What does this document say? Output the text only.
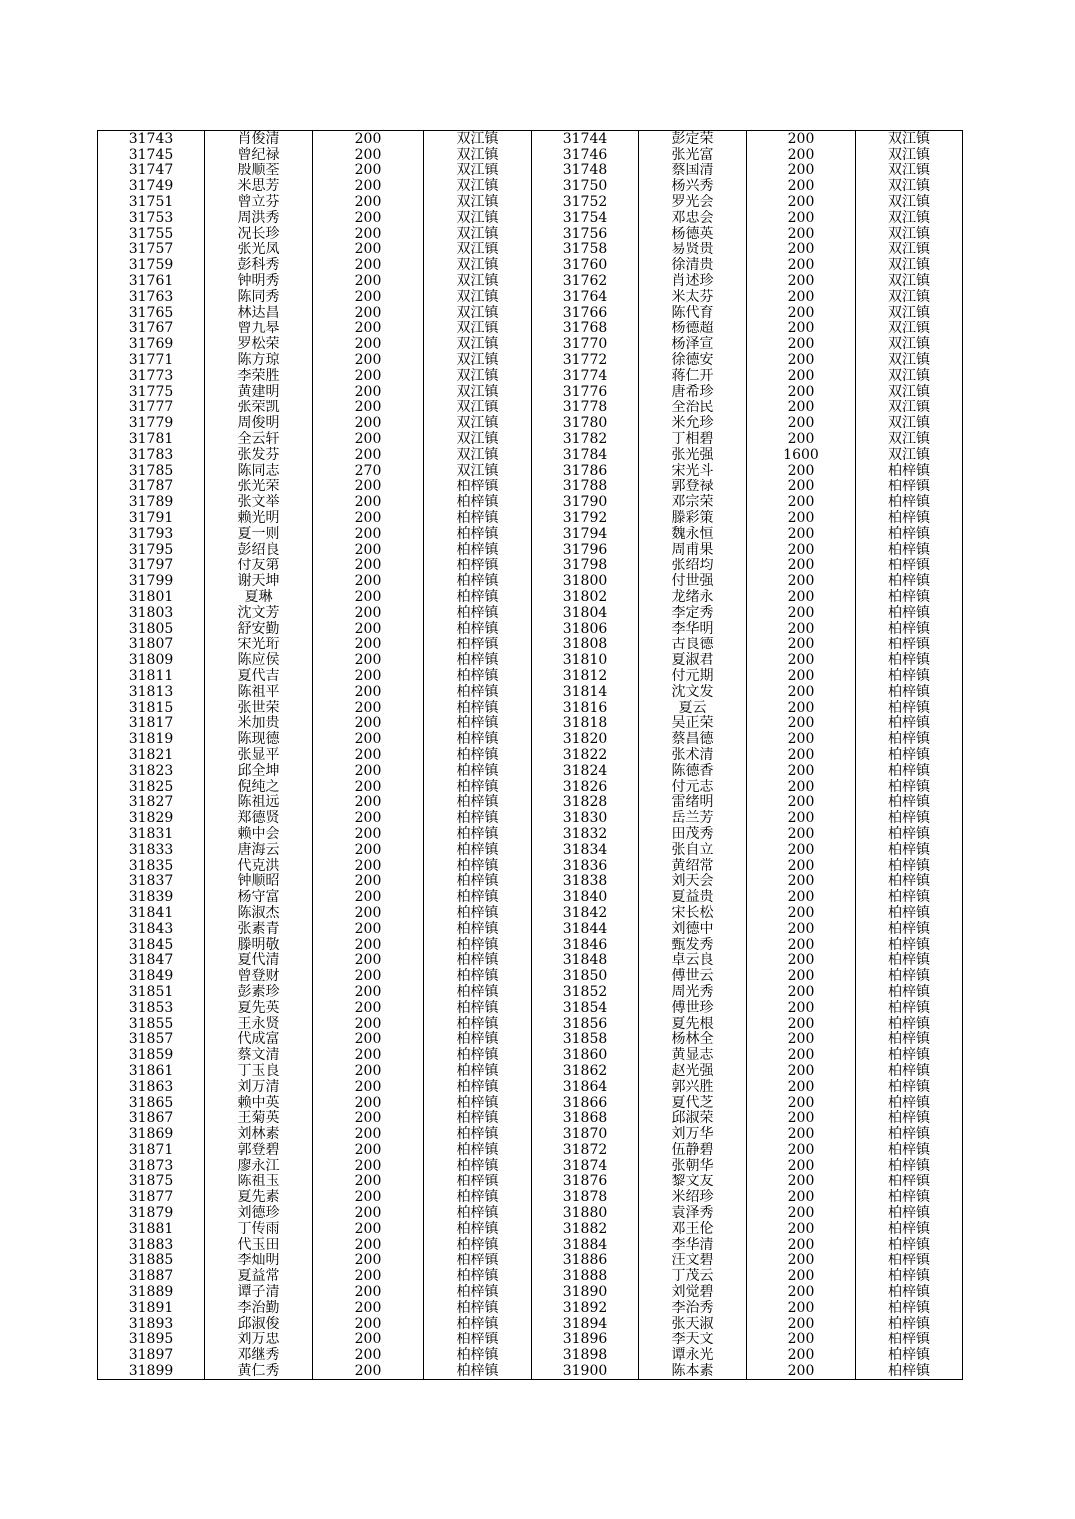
31743	肖俊清	200	双江镇	31744	彭定荣	200	双江镇
31745	曾纪禄	200	双江镇	31746	张光富	200	双江镇
31747	殷顺荃	200	双江镇	31748	蔡国清	200	双江镇
31749	米思芳	200	双江镇	31750	杨兴秀	200	双江镇
31751	曾立芬	200	双江镇	31752	罗光会	200	双江镇
31753	周洪秀	200	双江镇	31754	邓忠会	200	双江镇
31755	况长珍	200	双江镇	31756	杨德英	200	双江镇
31757	张光凤	200	双江镇	31758	易贤贵	200	双江镇
31759	彭科秀	200	双江镇	31760	徐清贵	200	双江镇
31761	钟明秀	200	双江镇	31762	肖述珍	200	双江镇
31763	陈同秀	200	双江镇	31764	米太芬	200	双江镇
31765	林达昌	200	双江镇	31766	陈代育	200	双江镇
31767	曾九皋	200	双江镇	31768	杨德超	200	双江镇
31769	罗松荣	200	双江镇	31770	杨泽宣	200	双江镇
31771	陈方琼	200	双江镇	31772	徐德安	200	双江镇
31773	李荣胜	200	双江镇	31774	蒋仁开	200	双江镇
31775	黄建明	200	双江镇	31776	唐希珍	200	双江镇
31777	张荣凯	200	双江镇	31778	全治民	200	双江镇
31779	周俊明	200	双江镇	31780	米允珍	200	双江镇
31781	全云轩	200	双江镇	31782	丁相碧	200	双江镇
31783	张发芬	200	双江镇	31784	张光强	1600	双江镇
31785	陈同志	270	双江镇	31786	宋光斗	200	柏梓镇
31787	张光荣	200	柏梓镇	31788	郭登禄	200	柏梓镇
31789	张文举	200	柏梓镇	31790	邓宗荣	200	柏梓镇
31791	赖光明	200	柏梓镇	31792	滕彩策	200	柏梓镇
31793	夏一则	200	柏梓镇	31794	魏永恒	200	柏梓镇
31795	彭绍良	200	柏梓镇	31796	周甫果	200	柏梓镇
31797	付友第	200	柏梓镇	31798	张绍均	200	柏梓镇
31799	谢天坤	200	柏梓镇	31800	付世强	200	柏梓镇
31801	夏琳	200	柏梓镇	31802	龙绪永	200	柏梓镇
31803	沈文芳	200	柏梓镇	31804	李定秀	200	柏梓镇
31805	舒安勤	200	柏梓镇	31806	李华明	200	柏梓镇
31807	宋光珩	200	柏梓镇	31808	古良德	200	柏梓镇
31809	陈应侯	200	柏梓镇	31810	夏淑君	200	柏梓镇
31811	夏代吉	200	柏梓镇	31812	付元期	200	柏梓镇
31813	陈祖平	200	柏梓镇	31814	沈文发	200	柏梓镇
31815	张世荣	200	柏梓镇	31816	夏云	200	柏梓镇
31817	米加贵	200	柏梓镇	31818	吴正荣	200	柏梓镇
31819	陈现德	200	柏梓镇	31820	蔡昌德	200	柏梓镇
31821	张显平	200	柏梓镇	31822	张术清	200	柏梓镇
31823	邱全坤	200	柏梓镇	31824	陈德香	200	柏梓镇
31825	倪纯之	200	柏梓镇	31826	付元志	200	柏梓镇
31827	陈祖远	200	柏梓镇	31828	雷绪明	200	柏梓镇
31829	郑德贤	200	柏梓镇	31830	岳兰芳	200	柏梓镇
31831	赖中会	200	柏梓镇	31832	田茂秀	200	柏梓镇
31833	唐海云	200	柏梓镇	31834	张自立	200	柏梓镇
31835	代克洪	200	柏梓镇	31836	黄绍常	200	柏梓镇
31837	钟顺昭	200	柏梓镇	31838	刘天会	200	柏梓镇
31839	杨守富	200	柏梓镇	31840	夏益贵	200	柏梓镇
31841	陈淑杰	200	柏梓镇	31842	宋长松	200	柏梓镇
31843	张素青	200	柏梓镇	31844	刘德中	200	柏梓镇
31845	滕明敬	200	柏梓镇	31846	甄发秀	200	柏梓镇
31847	夏代清	200	柏梓镇	31848	卓云良	200	柏梓镇
31849	曾登财	200	柏梓镇	31850	傅世云	200	柏梓镇
31851	彭素珍	200	柏梓镇	31852	周光秀	200	柏梓镇
31853	夏先英	200	柏梓镇	31854	傅世珍	200	柏梓镇
31855	王永贤	200	柏梓镇	31856	夏先根	200	柏梓镇
31857	代成富	200	柏梓镇	31858	杨林全	200	柏梓镇
31859	蔡文清	200	柏梓镇	31860	黄显志	200	柏梓镇
31861	丁玉良	200	柏梓镇	31862	赵光强	200	柏梓镇
31863	刘万清	200	柏梓镇	31864	郭兴胜	200	柏梓镇
31865	赖中英	200	柏梓镇	31866	夏代芝	200	柏梓镇
31867	王菊英	200	柏梓镇	31868	邱淑荣	200	柏梓镇
31869	刘林素	200	柏梓镇	31870	刘万华	200	柏梓镇
31871	郭登碧	200	柏梓镇	31872	伍静碧	200	柏梓镇
31873	廖永江	200	柏梓镇	31874	张朝华	200	柏梓镇
31875	陈祖玉	200	柏梓镇	31876	黎文友	200	柏梓镇
31877	夏先素	200	柏梓镇	31878	米绍珍	200	柏梓镇
31879	刘德珍	200	柏梓镇	31880	袁泽秀	200	柏梓镇
31881	丁传雨	200	柏梓镇	31882	邓王伦	200	柏梓镇
31883	代玉田	200	柏梓镇	31884	李华清	200	柏梓镇
31885	李灿明	200	柏梓镇	31886	汪文碧	200	柏梓镇
31887	夏益常	200	柏梓镇	31888	丁茂云	200	柏梓镇
31889	谭子清	200	柏梓镇	31890	刘觉碧	200	柏梓镇
31891	李治勤	200	柏梓镇	31892	李治秀	200	柏梓镇
31893	邱淑俊	200	柏梓镇	31894	张天淑	200	柏梓镇
31895	刘万忠	200	柏梓镇	31896	李天文	200	柏梓镇
31897	邓继秀	200	柏梓镇	31898	谭永光	200	柏梓镇
31899	黄仁秀	200	柏梓镇	31900	陈本素	200	柏梓镇
